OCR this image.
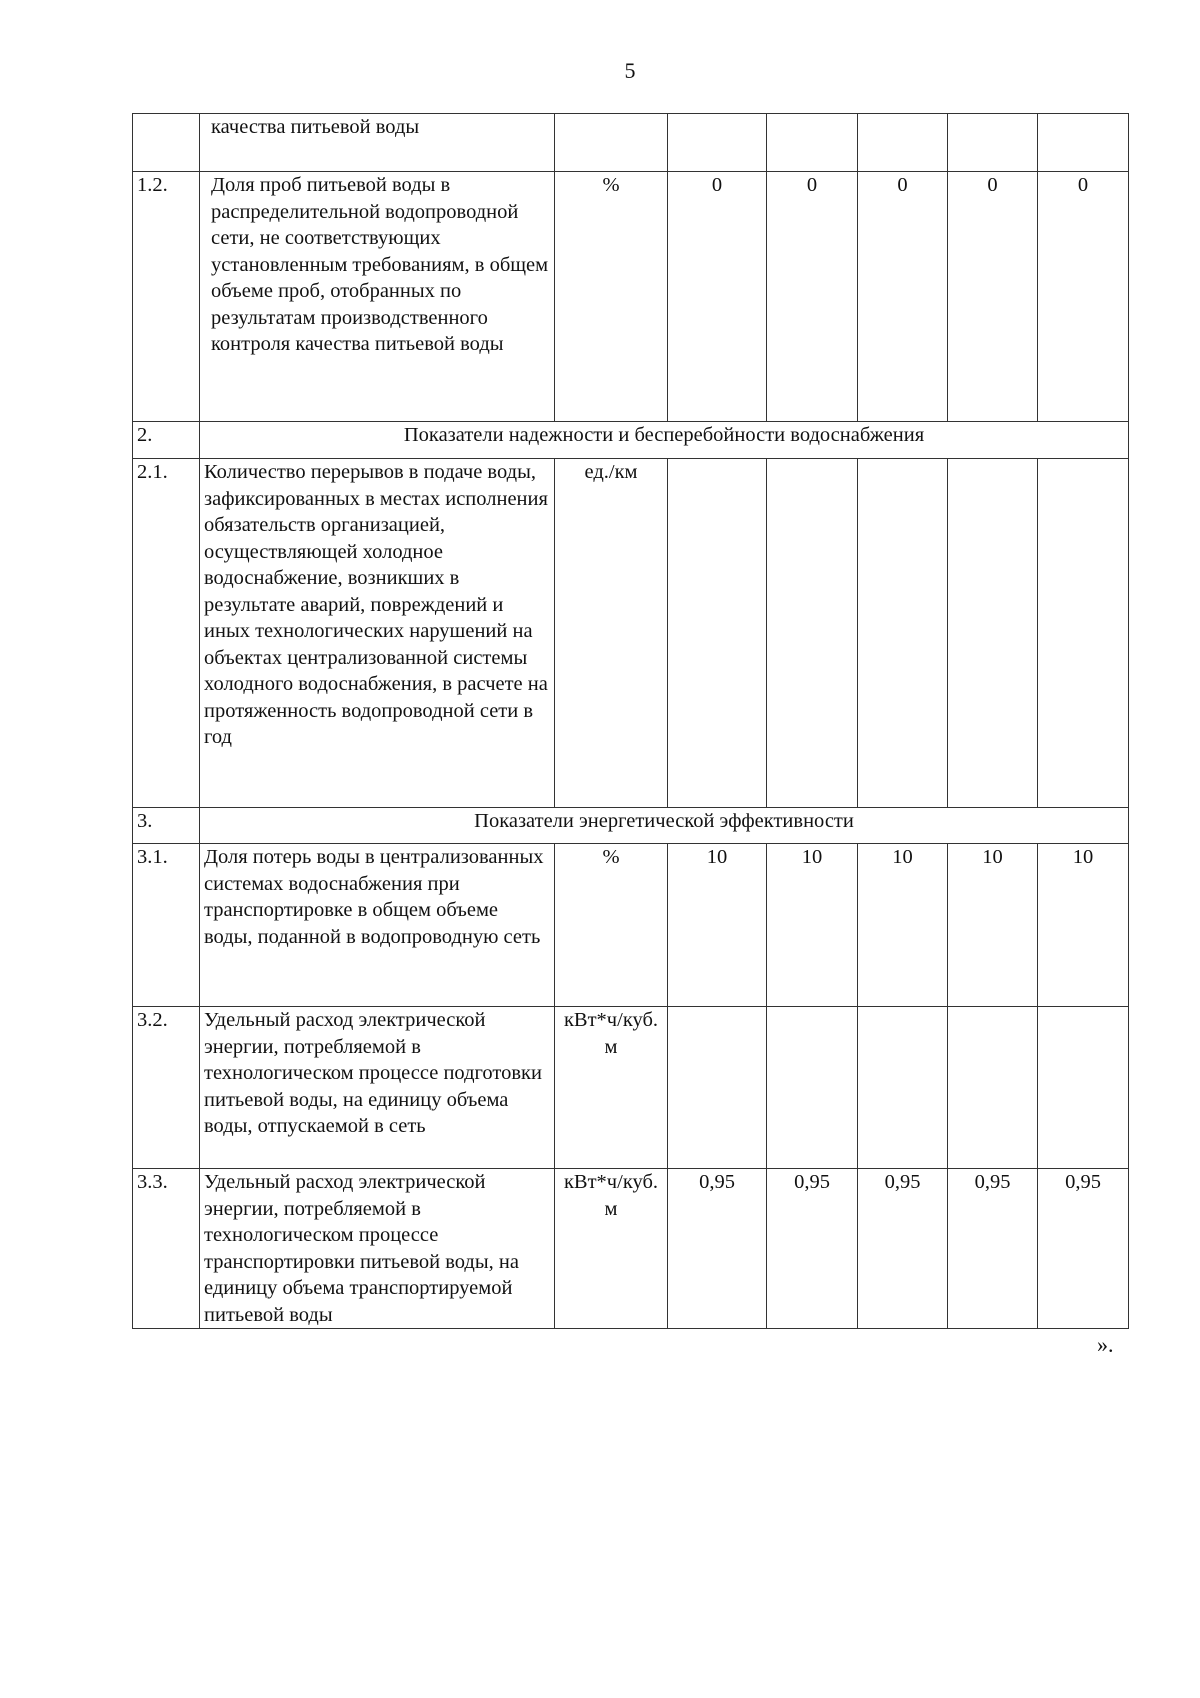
5
	качества питьевой воды						
1.2.	Доля проб питьевой воды в распределительной водопроводной сети, не соответствующих установленным требованиям, в общем объеме проб, отобранных по результатам производственного контроля качества питьевой воды	%	0	0	0	0	0
2.	Показатели надежности и бесперебойности водоснабжения						
2.1.	Количество перерывов в подаче воды, зафиксированных в местах исполнения обязательств организацией, осуществляющей холодное водоснабжение, возникших в результате аварий, повреждений и иных технологических нарушений на объектах централизованной системы холодного водоснабжения, в расчете на протяженность водопроводной сети в год	ед./км					
3.	Показатели энергетической эффективности						
3.1.	Доля потерь воды в централизованных системах водоснабжения при транспортировке в общем объеме воды, поданной в водопроводную сеть	%	10	10	10	10	10
3.2.	Удельный расход электрической энергии, потребляемой в технологическом процессе подготовки питьевой воды, на единицу объема воды, отпускаемой в сеть	кВт*ч/куб. м					
3.3.	Удельный расход электрической энергии, потребляемой в технологическом процессе транспортировки питьевой воды, на единицу объема транспортируемой питьевой воды	кВт*ч/куб. м	0,95	0,95	0,95	0,95	0,95
».
